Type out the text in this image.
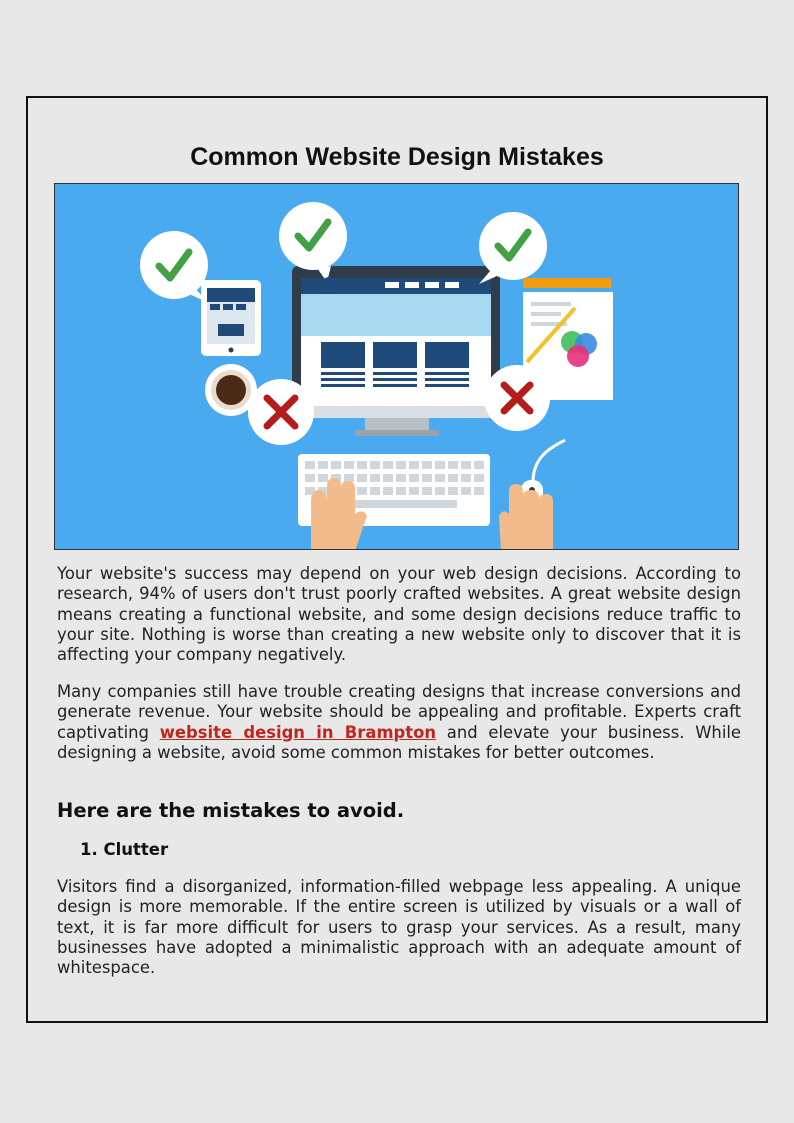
Common Website Design Mistakes

Your website's success may depend on your web design decisions. According to research, 94% of users don't trust poorly crafted websites. A great website design means creating a functional website, and some design decisions reduce traffic to your site. Nothing is worse than creating a new website only to discover that it is affecting your company negatively.

Many companies still have trouble creating designs that increase conversions and generate revenue. Your website should be appealing and profitable. Experts craft captivating website design in Brampton and elevate your business. While designing a website, avoid some common mistakes for better outcomes.

Here are the mistakes to avoid.
1. Clutter

Visitors find a disorganized, information-filled webpage less appealing. A unique design is more memorable. If the entire screen is utilized by visuals or a wall of text, it is far more difficult for users to grasp your services. As a result, many businesses have adopted a minimalistic approach with an adequate amount of whitespace.
